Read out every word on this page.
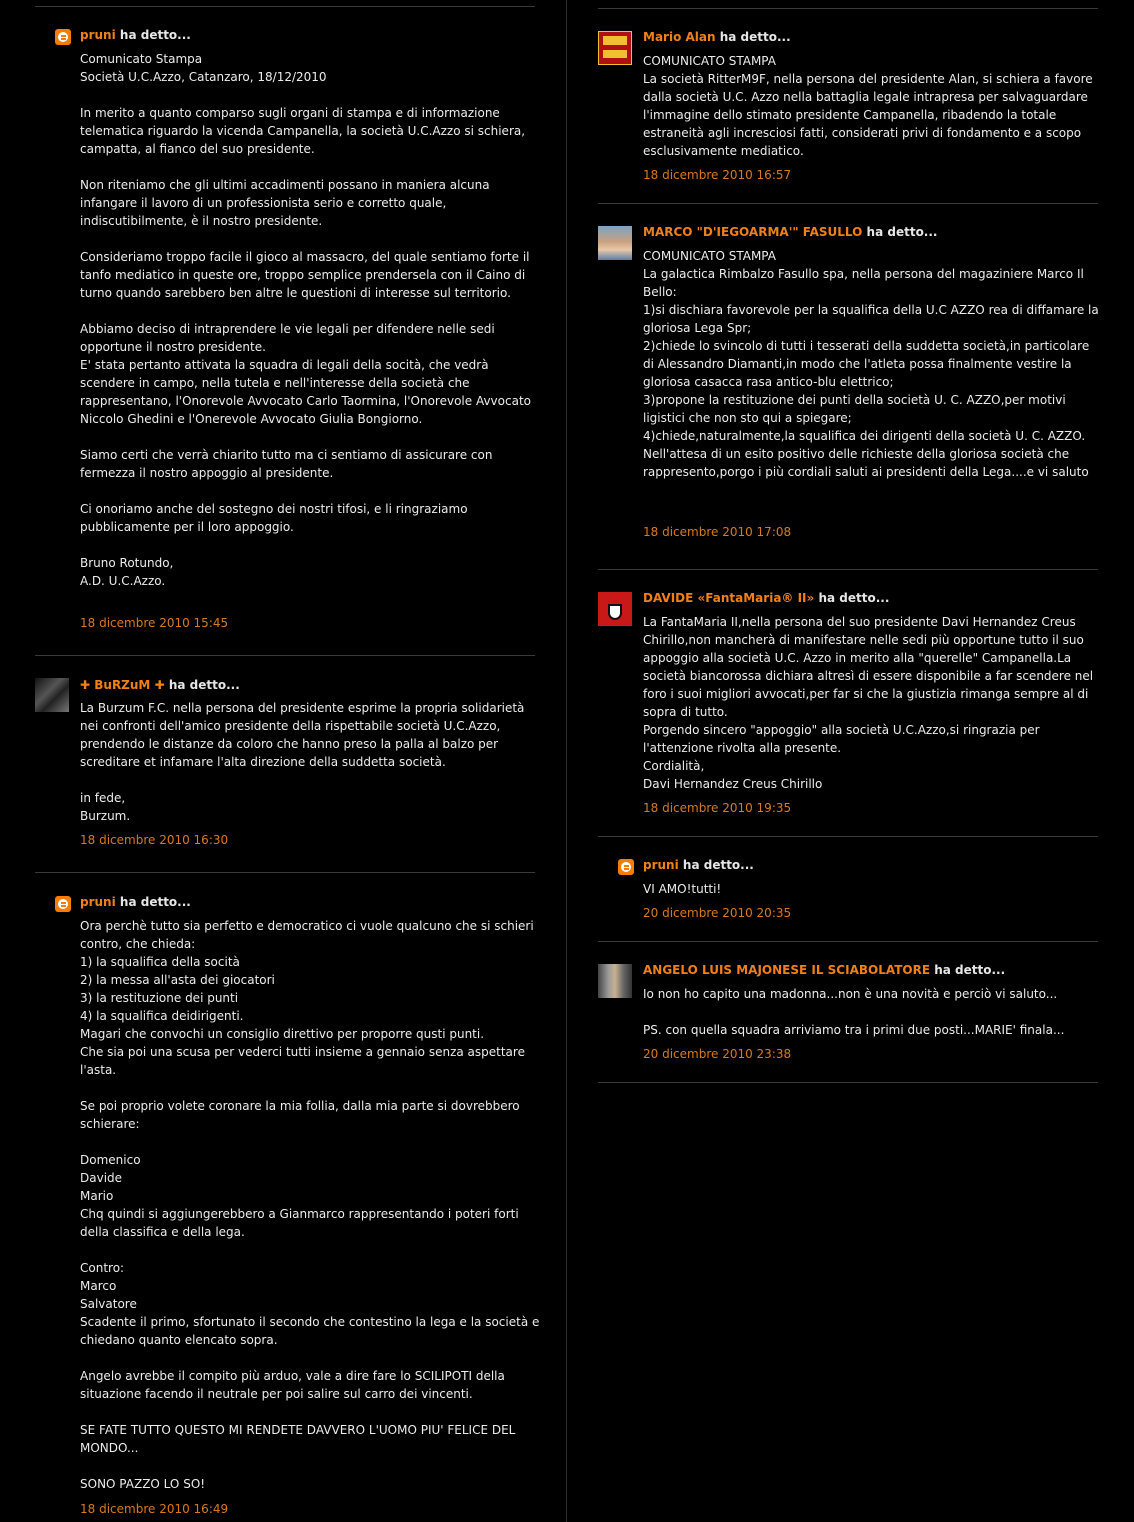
pruni ha detto...
Comunicato Stampa
Società U.C.Azzo, Catanzaro, 18/12/2010

In merito a quanto comparso sugli organi di stampa e di informazione telematica riguardo la vicenda Campanella, la società U.C.Azzo si schiera, campatta, al fianco del suo presidente.

Non riteniamo che gli ultimi accadimenti possano in maniera alcuna infangare il lavoro di un professionista serio e corretto quale, indiscutibilmente, è il nostro presidente.

Consideriamo troppo facile il gioco al massacro, del quale sentiamo forte il tanfo mediatico in queste ore, troppo semplice prendersela con il Caino di turno quando sarebbero ben altre le questioni di interesse sul territorio.

Abbiamo deciso di intraprendere le vie legali per difendere nelle sedi opportune il nostro presidente.
E' stata pertanto attivata la squadra di legali della socità, che vedrà scendere in campo, nella tutela e nell'interesse della società che rappresentano, l'Onorevole Avvocato Carlo Taormina, l'Onorevole Avvocato Niccolo Ghedini e l'Onerevole Avvocato Giulia Bongiorno.

Siamo certi che verrà chiarito tutto ma ci sentiamo di assicurare con fermezza il nostro appoggio al presidente.

Ci onoriamo anche del sostegno dei nostri tifosi, e li ringraziamo pubblicamente per il loro appoggio.

Bruno Rotundo,
A.D. U.C.Azzo.
18 dicembre 2010 15:45
✚ BuRZuM ✚ ha detto...
La Burzum F.C. nella persona del presidente esprime la propria solidarietà nei confronti dell'amico presidente della rispettabile società U.C.Azzo, prendendo le distanze da coloro che hanno preso la palla al balzo per screditare et infamare l'alta direzione della suddetta società.

in fede,
Burzum.
18 dicembre 2010 16:30
pruni ha detto...
Ora perchè tutto sia perfetto e democratico ci vuole qualcuno che si schieri contro, che chieda:
1) la squalifica della socità
2) la messa all'asta dei giocatori
3) la restituzione dei punti
4) la squalifica deidirigenti.
Magari che convochi un consiglio direttivo per proporre qusti punti.
Che sia poi una scusa per vederci tutti insieme a gennaio senza aspettare l'asta.

Se poi proprio volete coronare la mia follia, dalla mia parte si dovrebbero schierare:

Domenico
Davide
Mario
Chq quindi si aggiungerebbero a Gianmarco rappresentando i poteri forti della classifica e della lega.

Contro:
Marco
Salvatore
Scadente il primo, sfortunato il secondo che contestino la lega e la società e chiedano quanto elencato sopra.

Angelo avrebbe il compito più arduo, vale a dire fare lo SCILIPOTI della situazione facendo il neutrale per poi salire sul carro dei vincenti.

SE FATE TUTTO QUESTO MI RENDETE DAVVERO L'UOMO PIU' FELICE DEL MONDO...

SONO PAZZO LO SO!
18 dicembre 2010 16:49
Mario Alan ha detto...
COMUNICATO STAMPA
La società RitterM9F, nella persona del presidente Alan, si schiera a favore dalla società U.C. Azzo nella battaglia legale intrapresa per salvaguardare l'immagine dello stimato presidente Campanella, ribadendo la totale estraneità agli incresciosi fatti, considerati privi di fondamento e a scopo esclusivamente mediatico.
18 dicembre 2010 16:57
MARCO "D'IEGOARMA'" FASULLO ha detto...
COMUNICATO STAMPA
La galactica Rimbalzo Fasullo spa, nella persona del magaziniere Marco Il Bello:
1)si dischiara favorevole per la squalifica della U.C AZZO rea di diffamare la gloriosa Lega Spr;
2)chiede lo svincolo di tutti i tesserati della suddetta società,in particolare di Alessandro Diamanti,in modo che l'atleta possa finalmente vestire la gloriosa casacca rasa antico-blu elettrico;
3)propone la restituzione dei punti della società U. C. AZZO,per motivi ligistici che non sto qui a spiegare;
4)chiede,naturalmente,la squalifica dei dirigenti della società U. C. AZZO.
Nell'attesa di un esito positivo delle richieste della gloriosa società che rappresento,porgo i più cordiali saluti ai presidenti della Lega....e vi saluto
18 dicembre 2010 17:08
DAVIDE «FantaMaria® II» ha detto...
La FantaMaria II,nella persona del suo presidente Davi Hernandez Creus Chirillo,non mancherà di manifestare nelle sedi più opportune tutto il suo appoggio alla società U.C. Azzo in merito alla "querelle" Campanella.La società biancorossa dichiara altresì di essere disponibile a far scendere nel foro i suoi migliori avvocati,per far si che la giustizia rimanga sempre al di sopra di tutto.
Porgendo sincero "appoggio" alla società U.C.Azzo,si ringrazia per l'attenzione rivolta alla presente.
Cordialità,
Davi Hernandez Creus Chirillo
18 dicembre 2010 19:35
pruni ha detto...
VI AMO!tutti!
20 dicembre 2010 20:35
ANGELO LUIS MAJONESE IL SCIABOLATORE ha detto...
Io non ho capito una madonna...non è una novità e perciò vi saluto...

PS. con quella squadra arriviamo tra i primi due posti...MARIE' finala...
20 dicembre 2010 23:38
